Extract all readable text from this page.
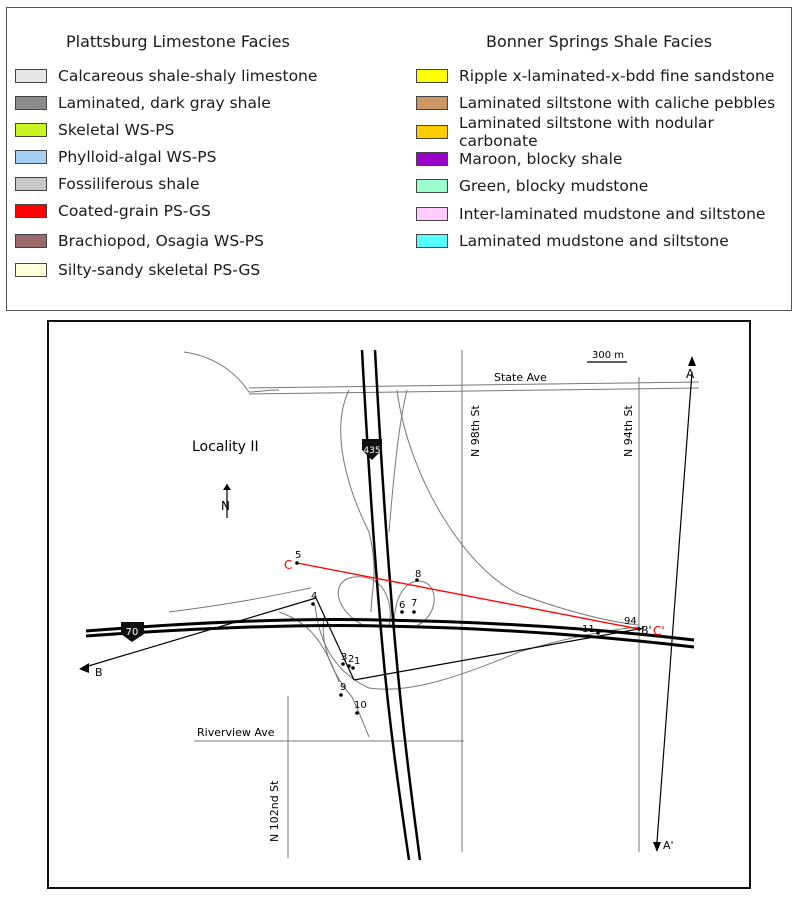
Plattsburg Limestone Facies	Bonner Springs Shale Facies
Calcareous shale-shaly limestone
Laminated, dark gray shale
Skeletal WS-PS
Phylloid-algal WS-PS
Fossiliferous shale
Coated-grain PS-GS
Brachiopod, Osagia WS-PS
Silty-sandy skeletal PS-GS
Ripple x-laminated-x-bdd fine sandstone
Laminated siltstone with caliche pebbles
Laminated siltstone with nodular carbonate
Maroon, blocky shale
Green, blocky mudstone
Inter-laminated mudstone and siltstone
Laminated mudstone and siltstone
435
70
State Ave
Riverview Ave
N 98th St	N 94th St
N 102nd St
Locality II
N
300 m
A
A'
B
B'
C
C'
1
2
3
4
5
6 7
8
9
10
11
94
